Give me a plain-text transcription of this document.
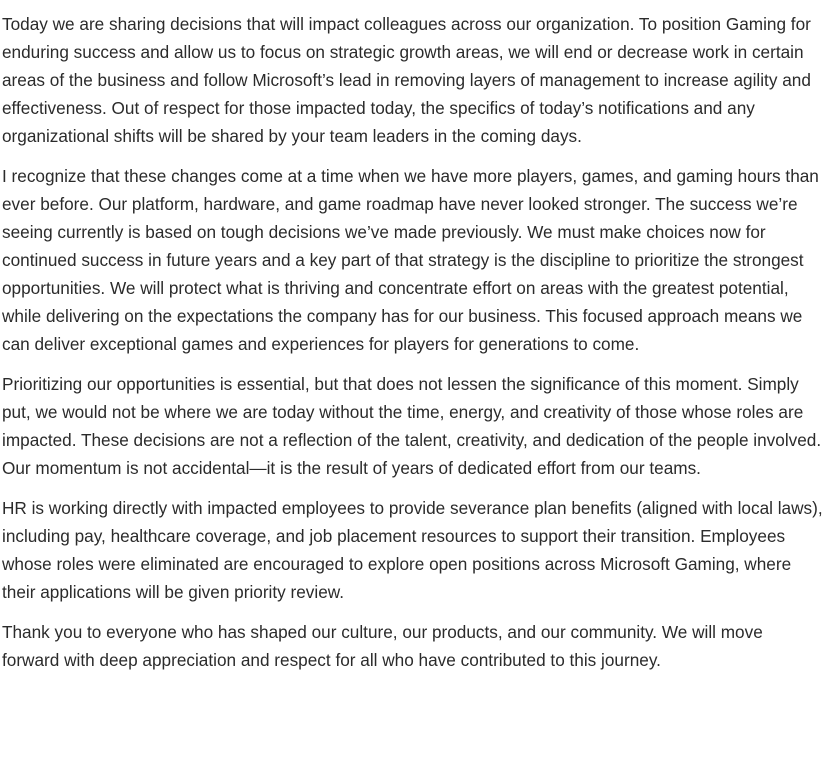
Today we are sharing decisions that will impact colleagues across our organization. To position Gaming for enduring success and allow us to focus on strategic growth areas, we will end or decrease work in certain areas of the business and follow Microsoft’s lead in removing layers of management to increase agility and effectiveness. Out of respect for those impacted today, the specifics of today’s notifications and any organizational shifts will be shared by your team leaders in the coming days.

I recognize that these changes come at a time when we have more players, games, and gaming hours than ever before. Our platform, hardware, and game roadmap have never looked stronger. The success we’re seeing currently is based on tough decisions we’ve made previously. We must make choices now for continued success in future years and a key part of that strategy is the discipline to prioritize the strongest opportunities. We will protect what is thriving and concentrate effort on areas with the greatest potential, while delivering on the expectations the company has for our business. This focused approach means we can deliver exceptional games and experiences for players for generations to come.

Prioritizing our opportunities is essential, but that does not lessen the significance of this moment. Simply put, we would not be where we are today without the time, energy, and creativity of those whose roles are impacted. These decisions are not a reflection of the talent, creativity, and dedication of the people involved. Our momentum is not accidental—it is the result of years of dedicated effort from our teams.

HR is working directly with impacted employees to provide severance plan benefits (aligned with local laws), including pay, healthcare coverage, and job placement resources to support their transition. Employees whose roles were eliminated are encouraged to explore open positions across Microsoft Gaming, where their applications will be given priority review.

Thank you to everyone who has shaped our culture, our products, and our community. We will move forward with deep appreciation and respect for all who have contributed to this journey.
